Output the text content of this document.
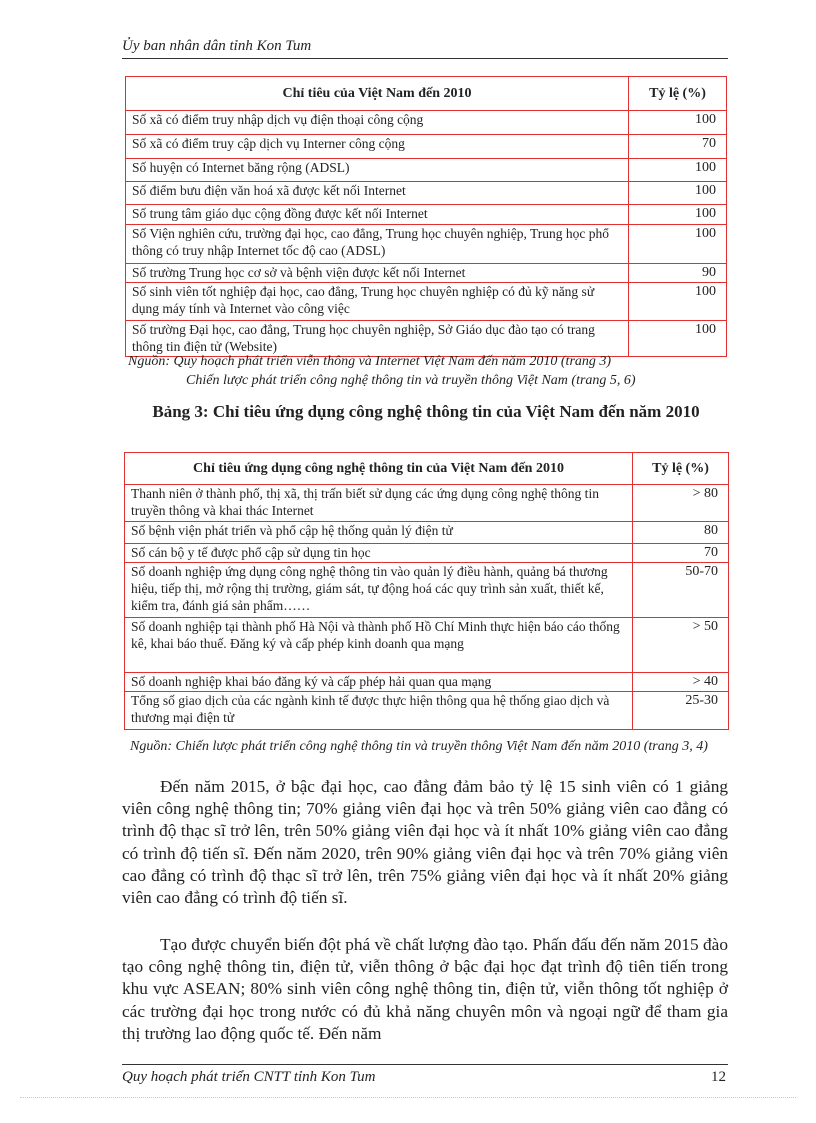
Ủy ban nhân dân tỉnh Kon Tum
Chỉ tiêu của Việt Nam đến 2010	Tỷ lệ (%)
Số xã có điểm truy nhập dịch vụ điện thoại công cộng	100
Số xã có điểm truy cập dịch vụ Interner công cộng	70
Số huyện có Internet băng rộng (ADSL)	100
Số điểm bưu điện văn hoá xã được kết nối Internet	100
Số trung tâm giáo dục cộng đồng được kết nối Internet	100
Số Viện nghiên cứu, trường đại học, cao đẳng, Trung học chuyên nghiệp, Trung học phổ thông có truy nhập Internet tốc độ cao (ADSL)	100
Số trường Trung học cơ sở và bệnh viện được kết nối Internet	90
Số sinh viên tốt nghiệp đại học, cao đẳng, Trung học chuyên nghiệp có đủ kỹ năng sử dụng máy tính và Internet vào công việc	100
Số trường Đại học, cao đẳng, Trung học chuyên nghiệp, Sở Giáo dục đào tạo có trang thông tin điện tử (Website)	100
Nguồn: Quy hoạch phát triển viễn thông và Internet Việt Nam đến năm 2010 (trang 3)
Chiến lược phát triển công nghệ thông tin và truyền thông Việt Nam (trang 5, 6)
Bảng 3: Chỉ tiêu ứng dụng công nghệ thông tin của Việt Nam đến năm 2010
Chỉ tiêu ứng dụng công nghệ thông tin của Việt Nam đến 2010	Tỷ lệ (%)
Thanh niên ở thành phố, thị xã, thị trấn biết sử dụng các ứng dụng công nghệ thông tin truyền thông và khai thác Internet	> 80
Số bệnh viện phát triển và phổ cập hệ thống quản lý điện tử	80
Số cán bộ y tế được phổ cập sử dụng tin học	70
Số doanh nghiệp ứng dụng công nghệ thông tin vào quản lý điều hành, quảng bá thương hiệu, tiếp thị, mở rộng thị trường, giám sát, tự động hoá các quy trình sản xuất, thiết kế, kiểm tra, đánh giá sản phẩm……	50-70
Số doanh nghiệp tại thành phố Hà Nội và thành phố Hồ Chí Minh thực hiện báo cáo thống kê, khai báo thuế. Đăng ký và cấp phép kinh doanh qua mạng	> 50
Số doanh nghiệp khai báo đăng ký và cấp phép hải quan qua mạng	> 40
Tổng số giao dịch của các ngành kinh tế được thực hiện thông qua hệ thống giao dịch và thương mại điện tử	25-30
Nguồn: Chiến lược phát triển công nghệ thông tin và truyền thông Việt Nam đến năm 2010 (trang 3, 4)

Đến năm 2015, ở bậc đại học, cao đẳng đảm bảo tỷ lệ 15 sinh viên có 1 giảng viên công nghệ thông tin; 70% giảng viên đại học và trên 50% giảng viên cao đẳng có trình độ thạc sĩ trở lên, trên 50% giảng viên đại học và ít nhất 10% giảng viên cao đẳng có trình độ tiến sĩ. Đến năm 2020, trên 90% giảng viên đại học và trên 70% giảng viên cao đẳng có trình độ thạc sĩ trở lên, trên 75% giảng viên đại học và ít nhất 20% giảng viên cao đẳng có trình độ tiến sĩ.

Tạo được chuyển biến đột phá về chất lượng đào tạo. Phấn đấu đến năm 2015 đào tạo công nghệ thông tin, điện tử, viễn thông ở bậc đại học đạt trình độ tiên tiến trong khu vực ASEAN; 80% sinh viên công nghệ thông tin, điện tử, viễn thông tốt nghiệp ở các trường đại học trong nước có đủ khả năng chuyên môn và ngoại ngữ để tham gia thị trường lao động quốc tế. Đến năm

Quy hoạch phát triển CNTT tỉnh Kon Tum	12
